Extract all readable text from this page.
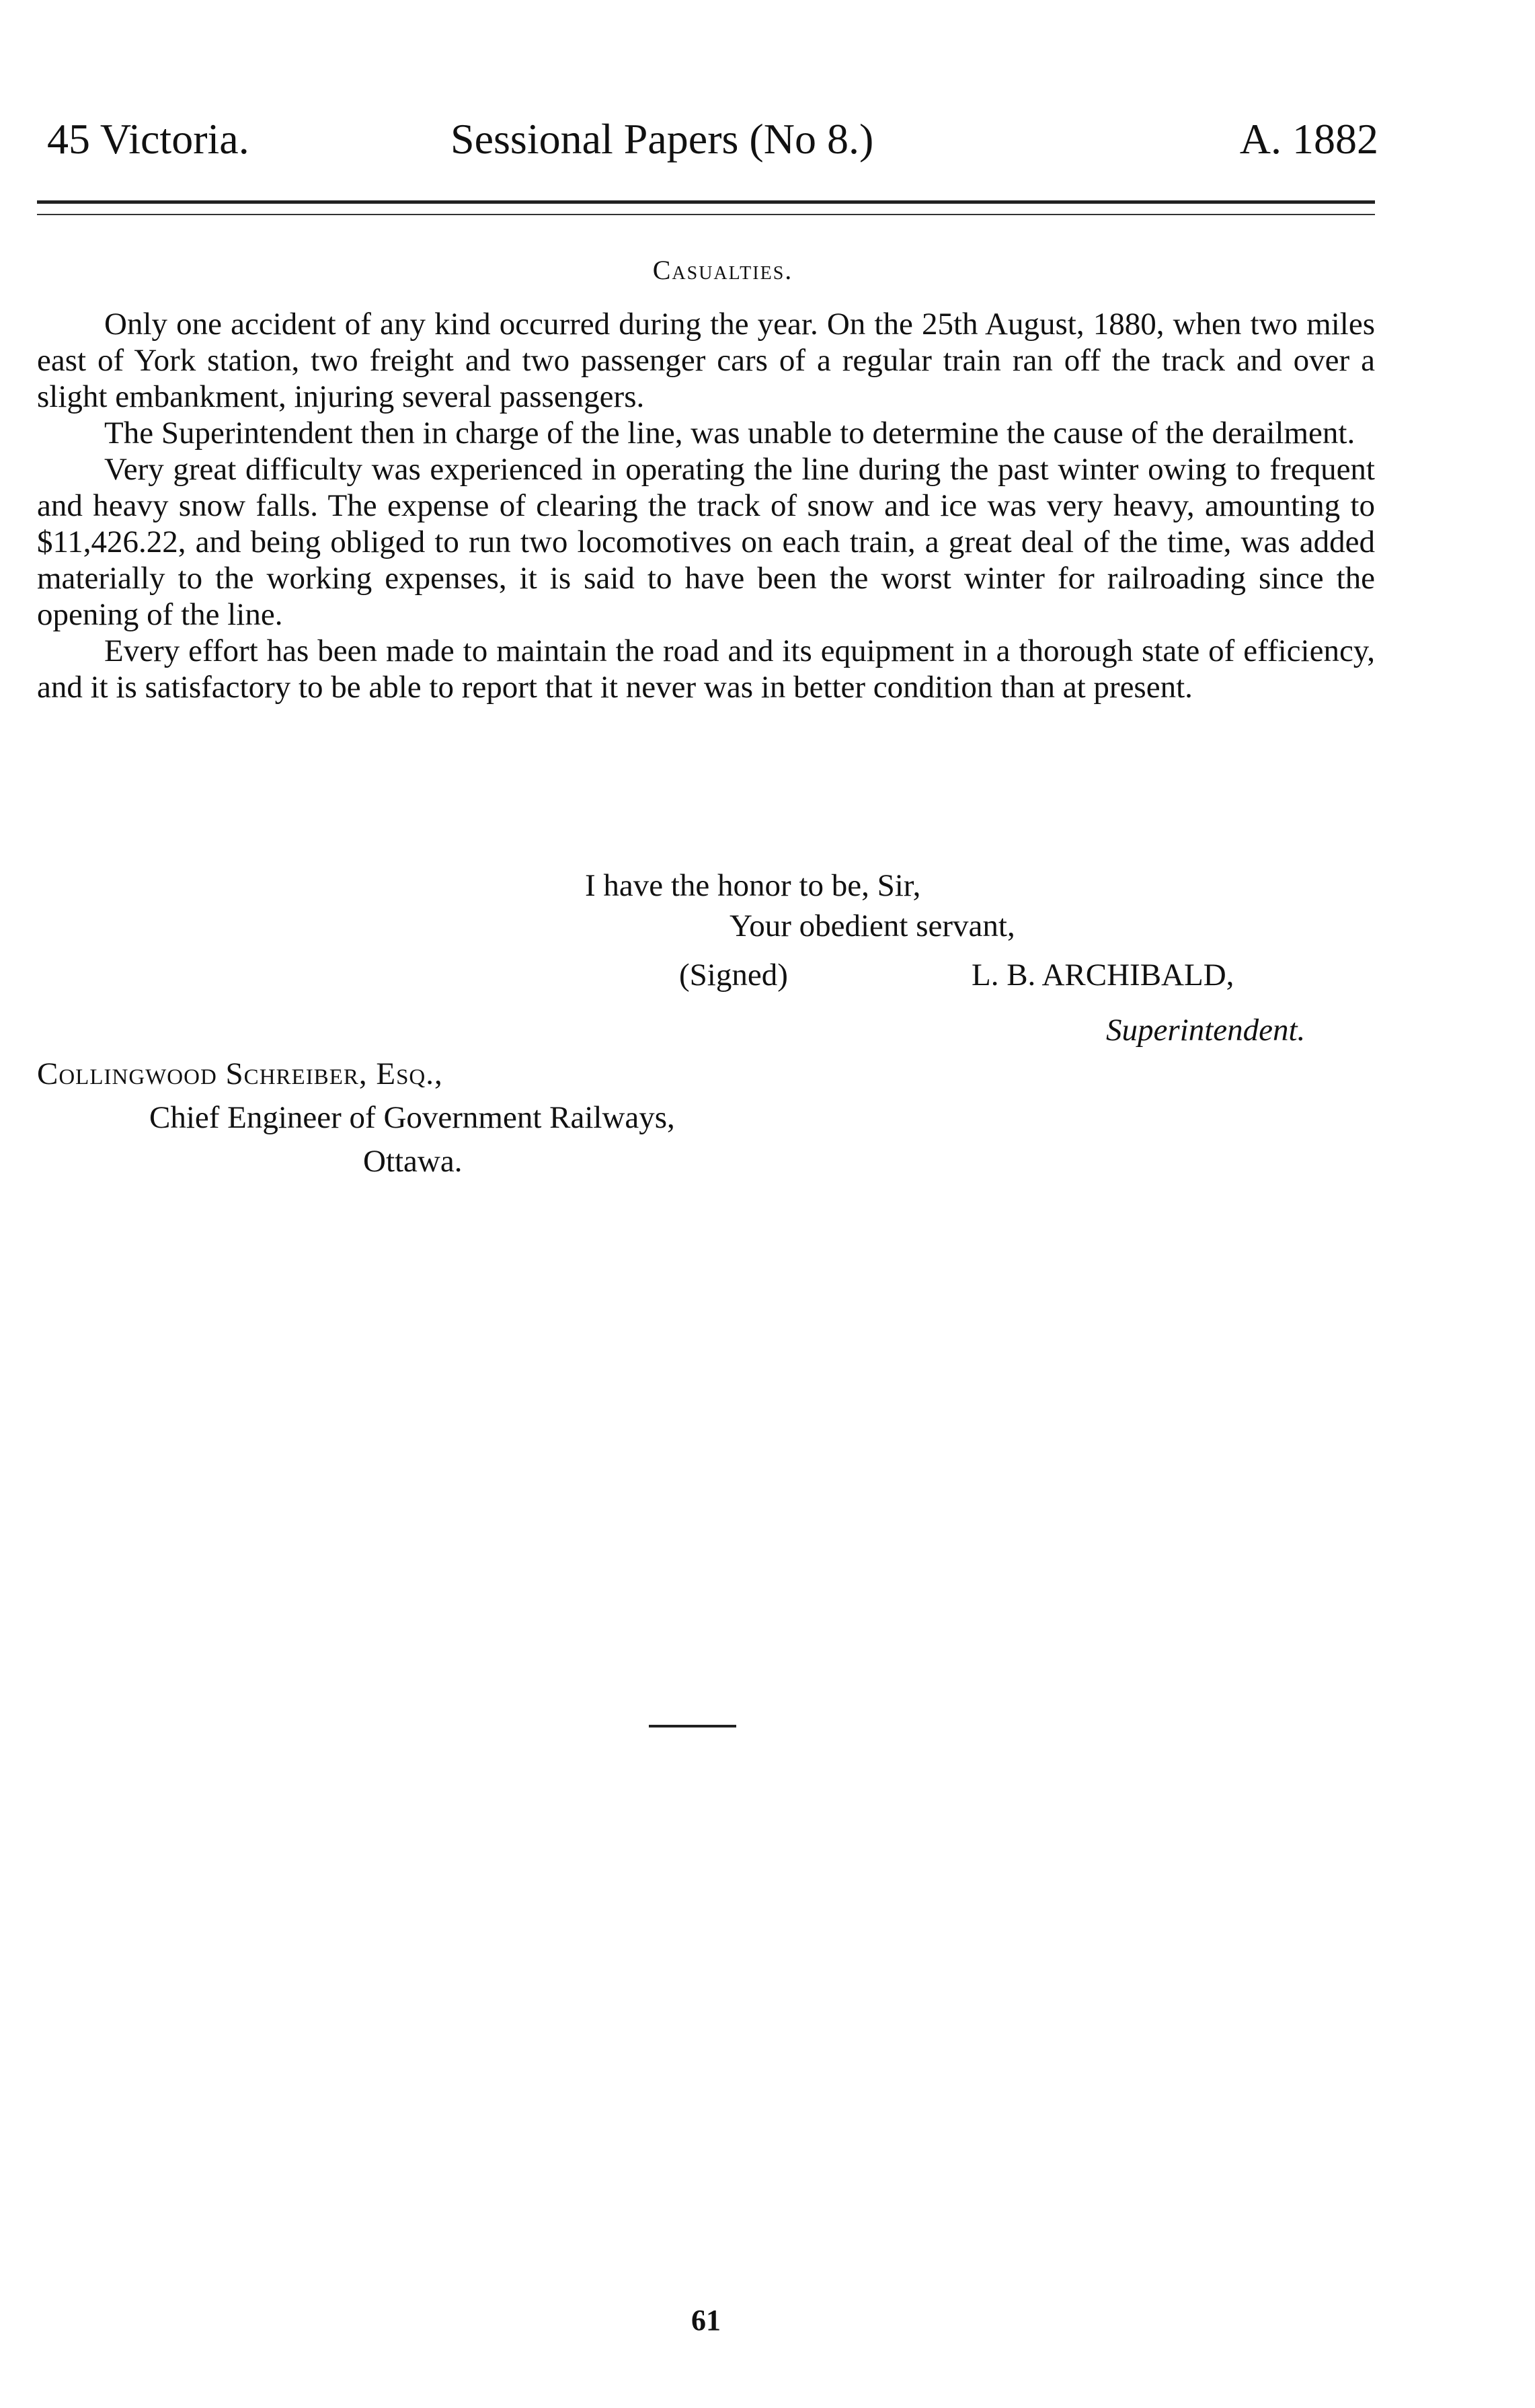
45 Victoria.	Sessional Papers (No 8.)	A. 1882
Casualties.

Only one accident of any kind occurred during the year. On the 25th August, 1880, when two miles east of York station, two freight and two passenger cars of a regular train ran off the track and over a slight embankment, injuring several passengers.

The Superintendent then in charge of the line, was unable to determine the cause of the derailment.

Very great difficulty was experienced in operating the line during the past winter owing to frequent and heavy snow falls. The expense of clearing the track of snow and ice was very heavy, amounting to $11,426.22, and being obliged to run two locomotives on each train, a great deal of the time, was added materially to the working expenses, it is said to have been the worst winter for railroading since the opening of the line.

Every effort has been made to maintain the road and its equipment in a thorough state of efficiency, and it is satisfactory to be able to report that it never was in better condition than at present.

I have the honor to be, Sir,
Your obedient servant,
(Signed)	L. B. ARCHIBALD,
Superintendent.
Collingwood Schreiber, Esq.,
Chief Engineer of Government Railways,
Ottawa.
61
